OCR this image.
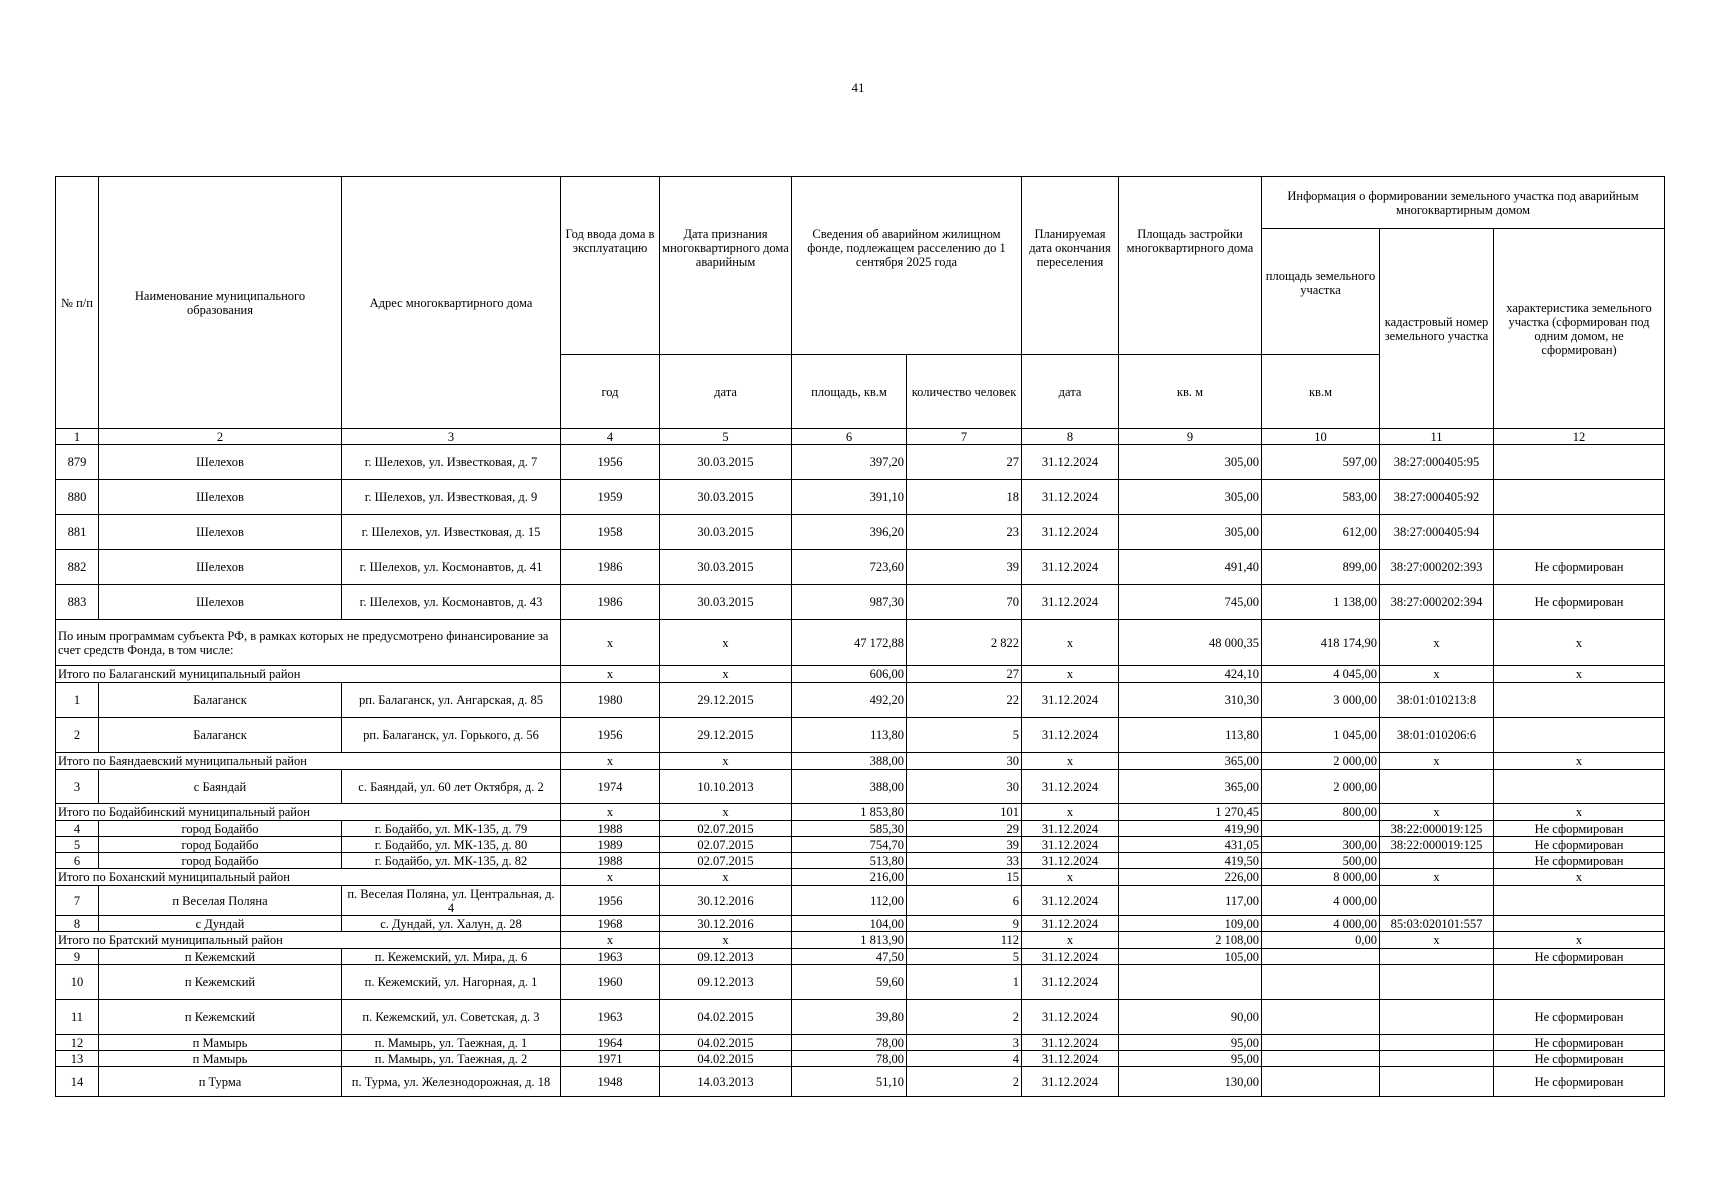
41
№ п/п	Наименование муниципального образования	Адрес многоквартирного дома	Год ввода дома в эксплуатацию	Дата признания многоквартирного дома аварийным	Сведения об аварийном жилищном фонде, подлежащем расселению до 1 сентября 2025 года		Планируемая дата окончания переселения	Площадь застройки многоквартирного дома	Информация о формировании земельного участка под аварийным многоквартирным домом		
									площадь земельного участка	кадастровый номер земельного участка	характеристика земельного участка (сформирован под одним домом, не сформирован)
			год	дата	площадь, кв.м	количество человек	дата	кв. м	кв.м		
1	2	3	4	5	6	7	8	9	10	11	12
879	Шелехов	г. Шелехов, ул. Известковая, д. 7	1956	30.03.2015	397,20	27	31.12.2024	305,00	597,00	38:27:000405:95	
880	Шелехов	г. Шелехов, ул. Известковая, д. 9	1959	30.03.2015	391,10	18	31.12.2024	305,00	583,00	38:27:000405:92	
881	Шелехов	г. Шелехов, ул. Известковая, д. 15	1958	30.03.2015	396,20	23	31.12.2024	305,00	612,00	38:27:000405:94	
882	Шелехов	г. Шелехов, ул. Космонавтов, д. 41	1986	30.03.2015	723,60	39	31.12.2024	491,40	899,00	38:27:000202:393	Не сформирован
883	Шелехов	г. Шелехов, ул. Космонавтов, д. 43	1986	30.03.2015	987,30	70	31.12.2024	745,00	1 138,00	38:27:000202:394	Не сформирован
По иным программам субъекта РФ, в рамках которых не предусмотрено финансирование за счет средств Фонда, в том числе:			x	x	47 172,88	2 822	x	48 000,35	418 174,90	x	x
Итого по Балаганский муниципальный район			x	x	606,00	27	x	424,10	4 045,00	x	x
1	Балаганск	рп. Балаганск, ул. Ангарская, д. 85	1980	29.12.2015	492,20	22	31.12.2024	310,30	3 000,00	38:01:010213:8	
2	Балаганск	рп. Балаганск, ул. Горького, д. 56	1956	29.12.2015	113,80	5	31.12.2024	113,80	1 045,00	38:01:010206:6	
Итого по Баяндаевский муниципальный район			x	x	388,00	30	x	365,00	2 000,00	x	x
3	с Баяндай	с. Баяндай, ул. 60 лет Октября, д. 2	1974	10.10.2013	388,00	30	31.12.2024	365,00	2 000,00		
Итого по Бодайбинский муниципальный район			x	x	1 853,80	101	x	1 270,45	800,00	x	x
4	город Бодайбо	г. Бодайбо, ул. МК-135, д. 79	1988	02.07.2015	585,30	29	31.12.2024	419,90		38:22:000019:125	Не сформирован
5	город Бодайбо	г. Бодайбо, ул. МК-135, д. 80	1989	02.07.2015	754,70	39	31.12.2024	431,05	300,00	38:22:000019:125	Не сформирован
6	город Бодайбо	г. Бодайбо, ул. МК-135, д. 82	1988	02.07.2015	513,80	33	31.12.2024	419,50	500,00		Не сформирован
Итого по Боханский муниципальный район			x	x	216,00	15	x	226,00	8 000,00	x	x
7	п Веселая Поляна	п. Веселая Поляна, ул. Центральная, д. 4	1956	30.12.2016	112,00	6	31.12.2024	117,00	4 000,00		
8	с Дундай	с. Дундай, ул. Халун, д. 28	1968	30.12.2016	104,00	9	31.12.2024	109,00	4 000,00	85:03:020101:557	
Итого по Братский муниципальный район			x	x	1 813,90	112	x	2 108,00	0,00	x	x
9	п Кежемский	п. Кежемский, ул. Мира, д. 6	1963	09.12.2013	47,50	5	31.12.2024	105,00			Не сформирован
10	п Кежемский	п. Кежемский, ул. Нагорная, д. 1	1960	09.12.2013	59,60	1	31.12.2024				
11	п Кежемский	п. Кежемский, ул. Советская, д. 3	1963	04.02.2015	39,80	2	31.12.2024	90,00			Не сформирован
12	п Мамырь	п. Мамырь, ул. Таежная, д. 1	1964	04.02.2015	78,00	3	31.12.2024	95,00			Не сформирован
13	п Мамырь	п. Мамырь, ул. Таежная, д. 2	1971	04.02.2015	78,00	4	31.12.2024	95,00			Не сформирован
14	п Турма	п. Турма, ул. Железнодорожная, д. 18	1948	14.03.2013	51,10	2	31.12.2024	130,00			Не сформирован
